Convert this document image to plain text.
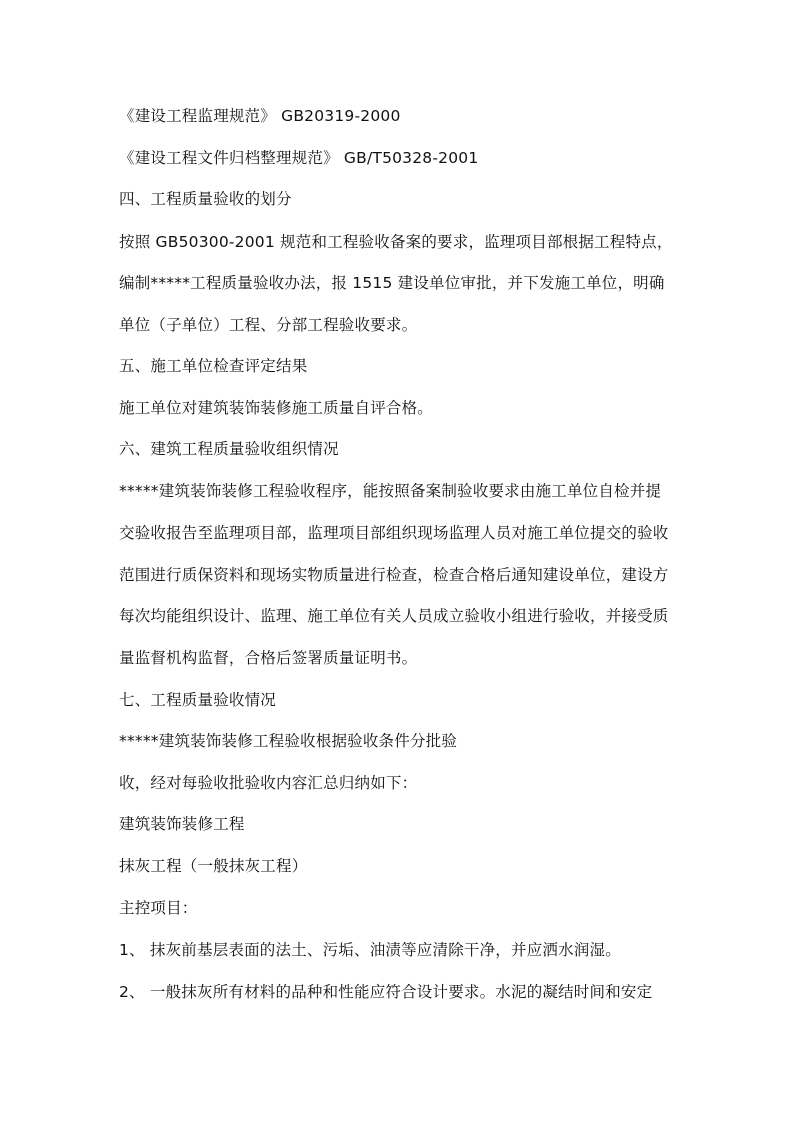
《建设工程监理规范》 GB20319-2000
《建设工程文件归档整理规范》 GB/T50328-2001
四、工程质量验收的划分
按照 GB50300-2001 规范和工程验收备案的要求，监理项目部根据工程特点，
编制*****工程质量验收办法，报 1515 建设单位审批，并下发施工单位，明确
单位（子单位）工程、分部工程验收要求。
五、施工单位检查评定结果
施工单位对建筑装饰装修施工质量自评合格。
六、建筑工程质量验收组织情况
*****建筑装饰装修工程验收程序，能按照备案制验收要求由施工单位自检并提
交验收报告至监理项目部，监理项目部组织现场监理人员对施工单位提交的验收
范围进行质保资料和现场实物质量进行检查，检查合格后通知建设单位，建设方
每次均能组织设计、监理、施工单位有关人员成立验收小组进行验收，并接受质
量监督机构监督，合格后签署质量证明书。
七、工程质量验收情况
*****建筑装饰装修工程验收根据验收条件分批验
收，经对每验收批验收内容汇总归纳如下：
建筑装饰装修工程
抹灰工程（一般抹灰工程）
主控项目：
1、 抹灰前基层表面的法土、污垢、油渍等应清除干净，并应洒水润湿。
2、 一般抹灰所有材料的品种和性能应符合设计要求。水泥的凝结时间和安定
